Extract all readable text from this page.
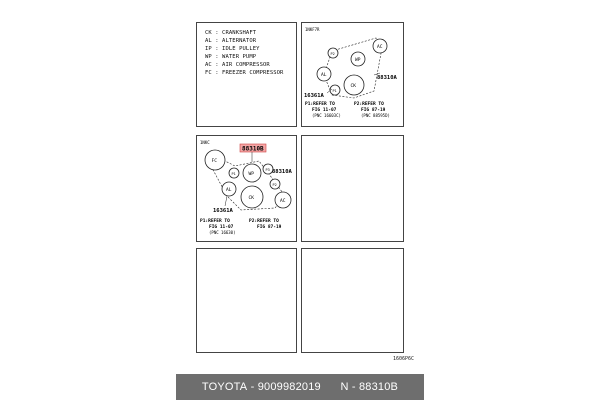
CK : CRANKSHAFT
AL : ALTERNATOR
IP : IDLE PULLEY
WP : WATER PUMP
AC : AIR COMPRESSOR
FC : FREEZER COMPRESSOR
1NKF7R
AC
WP
P2
AL
CK
P1
88310A
16361A
P1:REFER TO
FIG 11-07
(PNC 16603C)
P2:REFER TO
FIG 87-19
(PNC 88595D)
1NKC
88310B
FC
P1	WP
P3 88310A
AL
CK
P2
AC
16361A
P1:REFER TO
FIG 11-07
(PNC 16630)
P2:REFER TO
FIG 87-19
1606P6C
TOYOTA - 9009982019
N - 88310B
